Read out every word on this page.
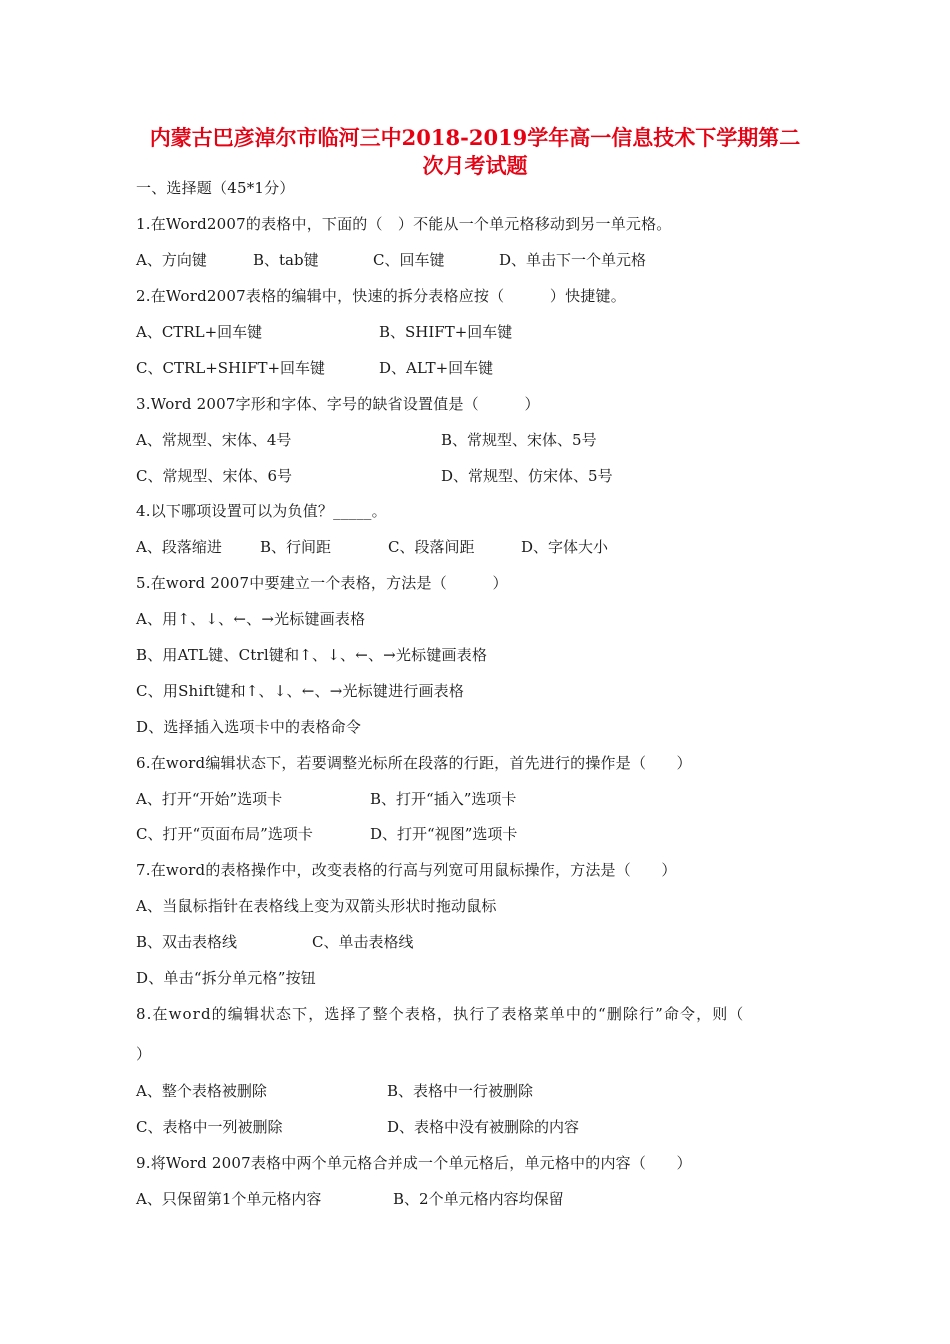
内蒙古巴彦淖尔市临河三中2018-2019学年高一信息技术下学期第二
次月考试题
一、选择题（45*1分）
1.在Word2007的表格中，下面的（　）不能从一个单元格移动到另一单元格。
A、方向键	B、tab键	C、回车键	D、单击下一个单元格
2.在Word2007表格的编辑中，快速的拆分表格应按（　　　）快捷键。
A、CTRL+回车键	B、SHIFT+回车键
C、CTRL+SHIFT+回车键	D、ALT+回车键
3.Word 2007字形和字体、字号的缺省设置值是（　　　）
A、常规型、宋体、4号	B、常规型、宋体、5号
C、常规型、宋体、6号	D、常规型、仿宋体、5号
4.以下哪项设置可以为负值？_____。
A、段落缩进	B、行间距	C、段落间距	D、字体大小
5.在word 2007中要建立一个表格，方法是（　　　）
A、用↑、↓、←、→光标键画表格
B、用ATL键、Ctrl键和↑、↓、←、→光标键画表格
C、用Shift键和↑、↓、←、→光标键进行画表格
D、选择插入选项卡中的表格命令
6.在word编辑状态下，若要调整光标所在段落的行距，首先进行的操作是（　　）
A、打开“开始”选项卡	B、打开“插入”选项卡
C、打开“页面布局”选项卡	D、打开“视图”选项卡
7.在word的表格操作中，改变表格的行高与列宽可用鼠标操作，方法是（　　）
A、当鼠标指针在表格线上变为双箭头形状时拖动鼠标
B、双击表格线	C、单击表格线
D、单击“拆分单元格”按钮
8.在word的编辑状态下，选择了整个表格，执行了表格菜单中的“删除行”命令，则（
）
A、整个表格被删除	B、表格中一行被删除
C、表格中一列被删除	D、表格中没有被删除的内容
9.将Word 2007表格中两个单元格合并成一个单元格后，单元格中的内容（　　）
A、只保留第1个单元格内容	B、2个单元格内容均保留
